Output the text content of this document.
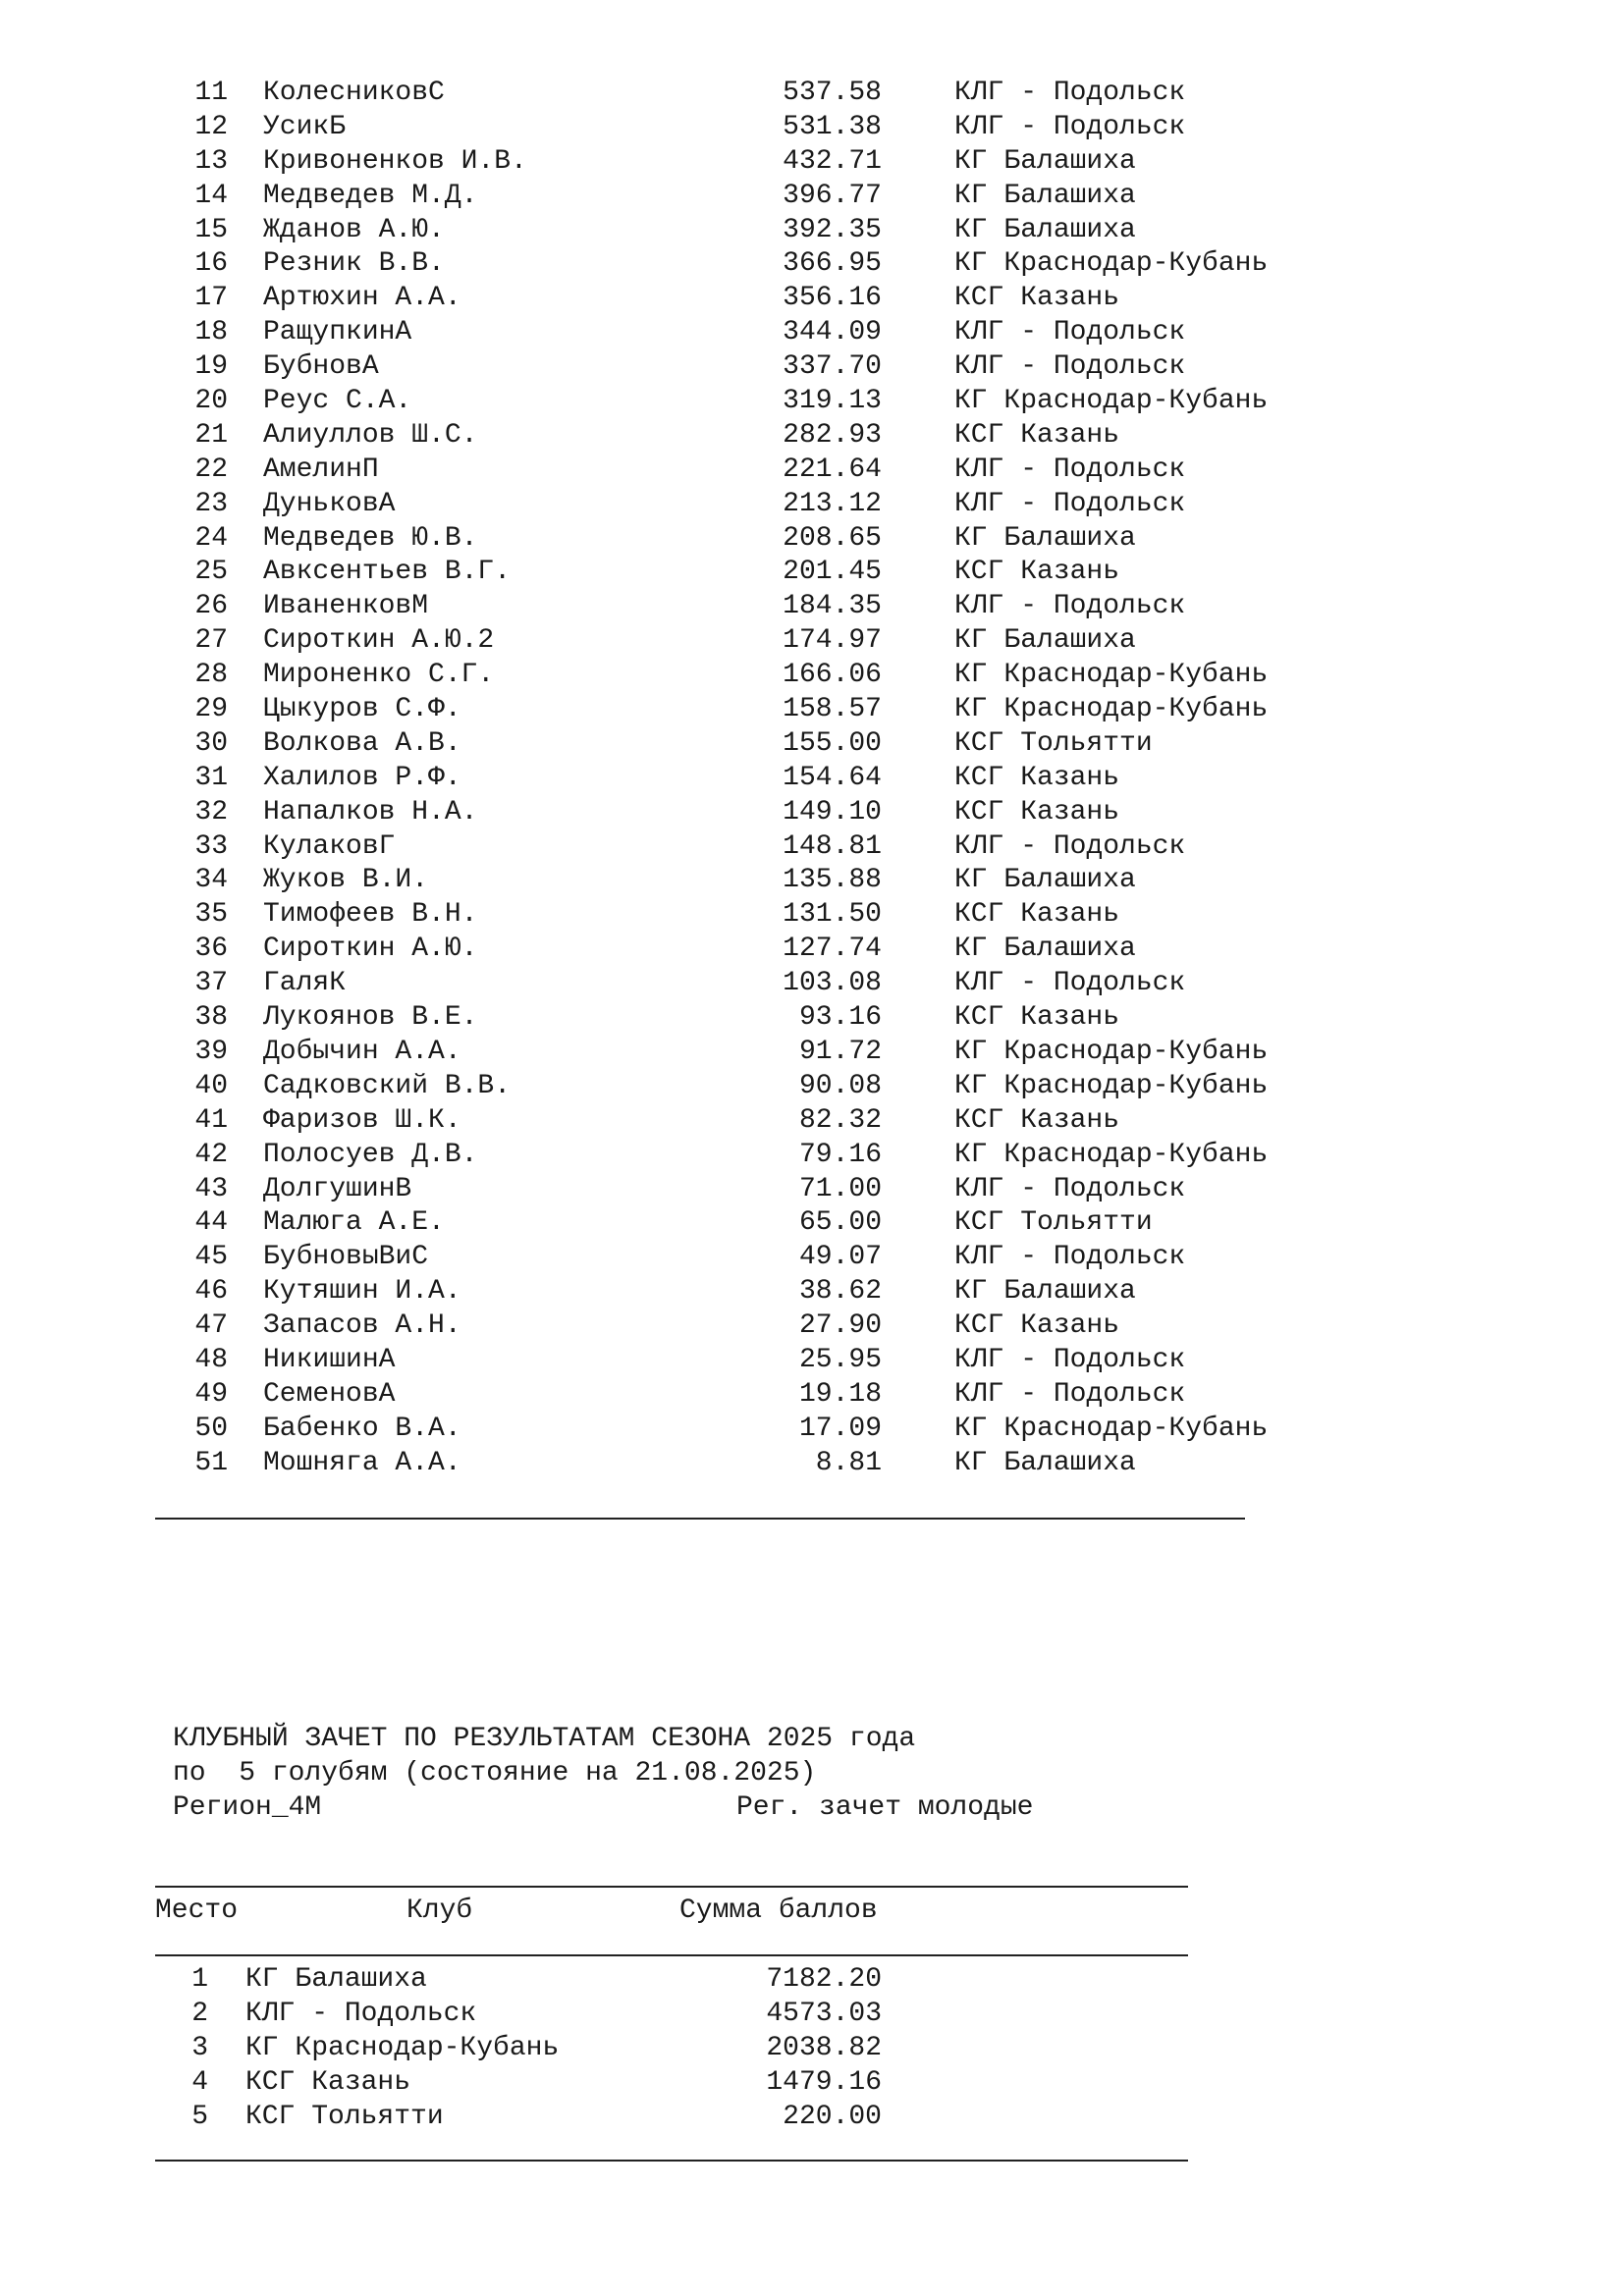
11 КолесниковС	537.58	КЛГ - Подольск
12 УсикБ	531.38	КЛГ - Подольск
13 Кривоненков И.В.	432.71	КГ Балашиха
14 Медведев М.Д.	396.77	КГ Балашиха
15 Жданов А.Ю.	392.35	КГ Балашиха
16 Резник В.В.	366.95	КГ Краснодар-Кубань
17 Артюхин А.А.	356.16	КСГ Казань
18 РащупкинА	344.09	КЛГ - Подольск
19 БубновА	337.70	КЛГ - Подольск
20 Реус С.А.	319.13	КГ Краснодар-Кубань
21 Алиуллов Ш.С.	282.93	КСГ Казань
22 АмелинП	221.64	КЛГ - Подольск
23 ДуньковА	213.12	КЛГ - Подольск
24 Медведев Ю.В.	208.65	КГ Балашиха
25 Авксентьев В.Г.	201.45	КСГ Казань
26 ИваненковМ	184.35	КЛГ - Подольск
27 Сироткин А.Ю.2	174.97	КГ Балашиха
28 Мироненко С.Г.	166.06	КГ Краснодар-Кубань
29 Цыкуров С.Ф.	158.57	КГ Краснодар-Кубань
30 Волкова А.В.	155.00	КСГ Тольятти
31 Халилов Р.Ф.	154.64	КСГ Казань
32 Напалков Н.А.	149.10	КСГ Казань
33 КулаковГ	148.81	КЛГ - Подольск
34 Жуков В.И.	135.88	КГ Балашиха
35 Тимофеев В.Н.	131.50	КСГ Казань
36 Сироткин А.Ю.	127.74	КГ Балашиха
37 ГаляК	103.08	КЛГ - Подольск
38 Лукоянов В.Е.	93.16	КСГ Казань
39 Добычин А.А.	91.72	КГ Краснодар-Кубань
40 Садковский В.В.	90.08	КГ Краснодар-Кубань
41 Фаризов Ш.К.	82.32	КСГ Казань
42 Полосуев Д.В.	79.16	КГ Краснодар-Кубань
43 ДолгушинВ	71.00	КЛГ - Подольск
44 Малюга А.Е.	65.00	КСГ Тольятти
45 БубновыВиС	49.07	КЛГ - Подольск
46 Кутяшин И.А.	38.62	КГ Балашиха
47 Запасов А.Н.	27.90	КСГ Казань
48 НикишинА	25.95	КЛГ - Подольск
49 СеменовА	19.18	КЛГ - Подольск
50 Бабенко В.А.	17.09	КГ Краснодар-Кубань
51 Мошняга А.А.	8.81	КГ Балашиха
КЛУБНЫЙ ЗАЧЕТ ПО РЕЗУЛЬТАТАМ СЕЗОНА 2025 года
по  5 голубям (состояние на 21.08.2025)
Регион_4М	Рег. зачет молодые
Место	Клуб	Сумма баллов
1 КГ Балашиха	7182.20
2 КЛГ - Подольск	4573.03
3 КГ Краснодар-Кубань	2038.82
4 КСГ Казань	1479.16
5 КСГ Тольятти	220.00
